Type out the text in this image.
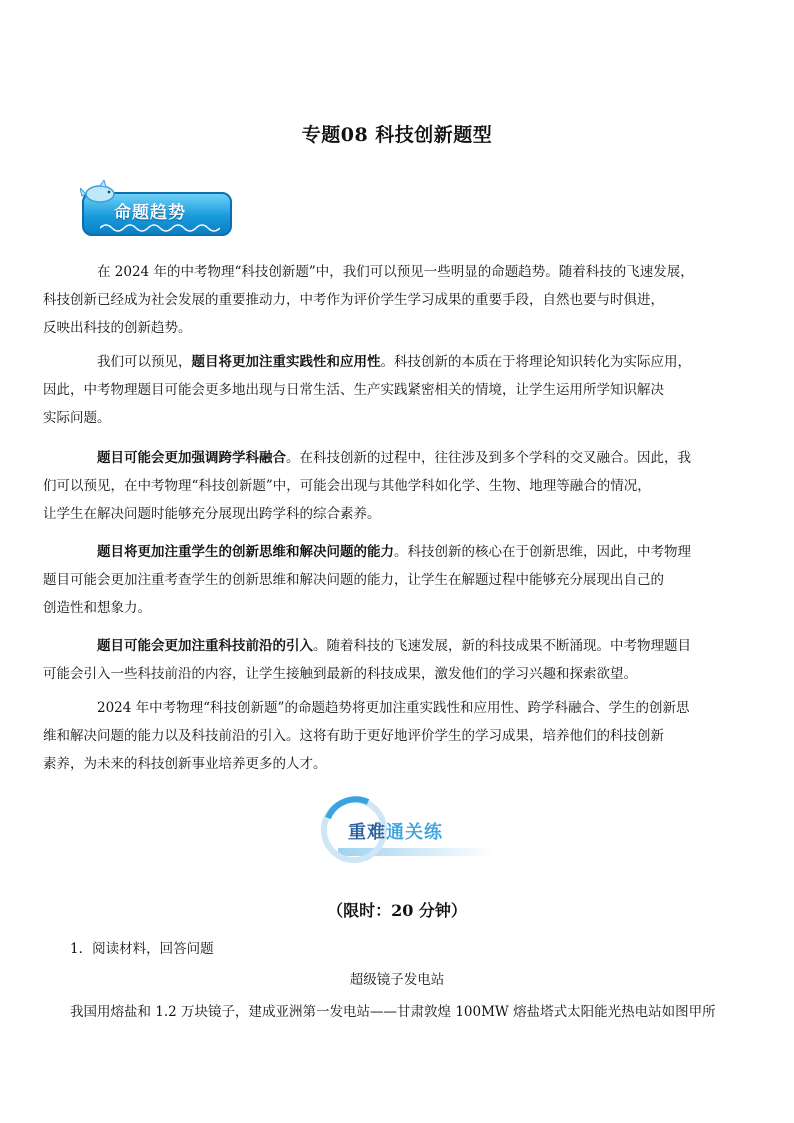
专题08 科技创新题型
命题趋势
在 2024 年的中考物理“科技创新题”中，我们可以预见一些明显的命题趋势。随着科技的飞速发展，
科技创新已经成为社会发展的重要推动力，中考作为评价学生学习成果的重要手段，自然也要与时俱进，
反映出科技的创新趋势。
我们可以预见，题目将更加注重实践性和应用性。科技创新的本质在于将理论知识转化为实际应用，
因此，中考物理题目可能会更多地出现与日常生活、生产实践紧密相关的情境，让学生运用所学知识解决
实际问题。
题目可能会更加强调跨学科融合。在科技创新的过程中，往往涉及到多个学科的交叉融合。因此，我
们可以预见，在中考物理“科技创新题”中，可能会出现与其他学科如化学、生物、地理等融合的情况，
让学生在解决问题时能够充分展现出跨学科的综合素养。
题目将更加注重学生的创新思维和解决问题的能力。科技创新的核心在于创新思维，因此，中考物理
题目可能会更加注重考查学生的创新思维和解决问题的能力，让学生在解题过程中能够充分展现出自己的
创造性和想象力。
题目可能会更加注重科技前沿的引入。随着科技的飞速发展，新的科技成果不断涌现。中考物理题目
可能会引入一些科技前沿的内容，让学生接触到最新的科技成果，激发他们的学习兴趣和探索欲望。
2024 年中考物理“科技创新题”的命题趋势将更加注重实践性和应用性、跨学科融合、学生的创新思
维和解决问题的能力以及科技前沿的引入。这将有助于更好地评价学生的学习成果，培养他们的科技创新
素养，为未来的科技创新事业培养更多的人才。
重难通关练
（限时：20 分钟）
1．阅读材料，回答问题
超级镜子发电站
我国用熔盐和 1.2 万块镜子，建成亚洲第一发电站——甘肃敦煌 100MW 熔盐塔式太阳能光热电站如图甲所
